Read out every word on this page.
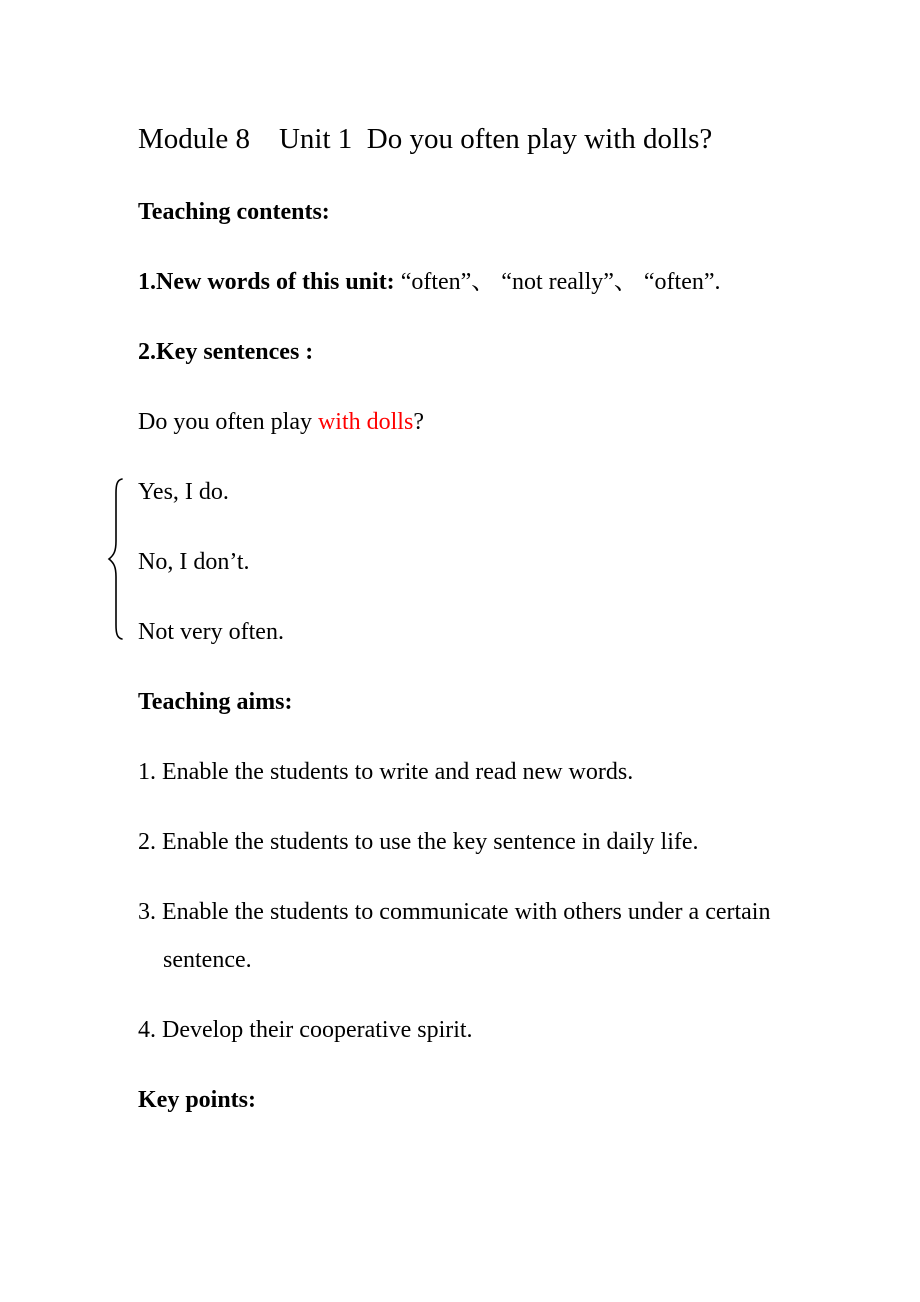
Module 8    Unit 1  Do you often play with dolls?
Teaching contents:
1.New words of this unit: “often”、 “not really”、 “often”.
2.Key sentences :
Do you often play with dolls?
Yes, I do.
No, I don’t.
Not very often.
Teaching aims:
1. Enable the students to write and read new words.
2. Enable the students to use the key sentence in daily life.
3. Enable the students to communicate with others under a certain
sentence.
4. Develop their cooperative spirit.
Key points:
